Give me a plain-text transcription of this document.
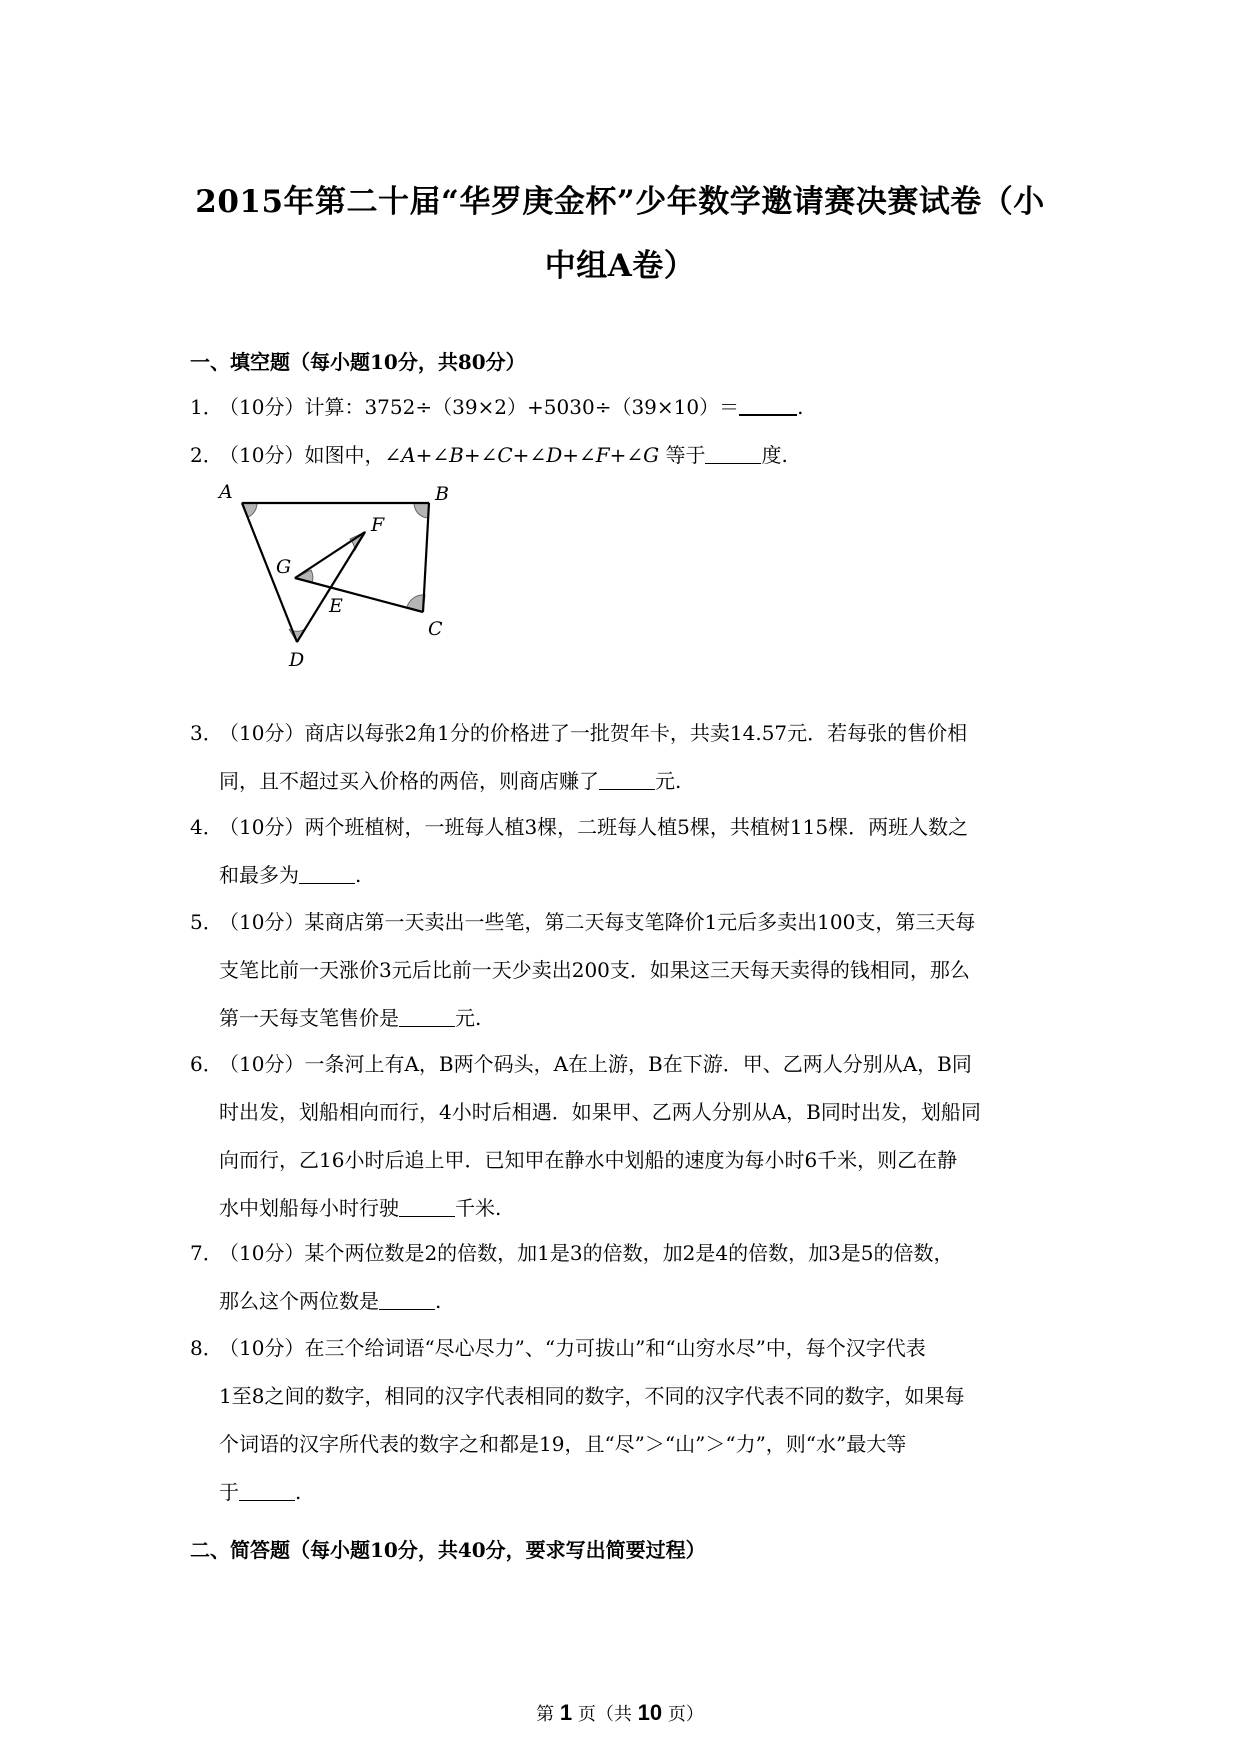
2015年第二十届“华罗庚金杯”少年数学邀请赛决赛试卷（小
中组A卷）
一、填空题（每小题10分，共80分）
1．（10分）计算：3752÷（39×2）+5030÷（39×10）＝	.
2．（10分）如图中，∠A+∠B+∠C+∠D+∠F+∠G 等于	度.
A	B
C
D
E
F
G
3．（10分）商店以每张2角1分的价格进了一批贺年卡，共卖14.57元．若每张的售价相
同，且不超过买入价格的两倍，则商店赚了	元.
4．（10分）两个班植树，一班每人植3棵，二班每人植5棵，共植树115棵．两班人数之
和最多为	.
5．（10分）某商店第一天卖出一些笔，第二天每支笔降价1元后多卖出100支，第三天每
支笔比前一天涨价3元后比前一天少卖出200支．如果这三天每天卖得的钱相同，那么
第一天每支笔售价是	元.
6．（10分）一条河上有A，B两个码头，A在上游，B在下游．甲、乙两人分别从A，B同
时出发，划船相向而行，4小时后相遇．如果甲、乙两人分别从A，B同时出发，划船同
向而行，乙16小时后追上甲．已知甲在静水中划船的速度为每小时6千米，则乙在静
水中划船每小时行驶	千米.
7．（10分）某个两位数是2的倍数，加1是3的倍数，加2是4的倍数，加3是5的倍数，
那么这个两位数是	.
8．（10分）在三个给词语“尽心尽力”、“力可拔山”和“山穷水尽”中，每个汉字代表
1至8之间的数字，相同的汉字代表相同的数字，不同的汉字代表不同的数字，如果每
个词语的汉字所代表的数字之和都是19，且“尽”＞“山”＞“力”，则“水”最大等
于	.
二、简答题（每小题10分，共40分，要求写出简要过程）
第 1 页（共 10 页）
